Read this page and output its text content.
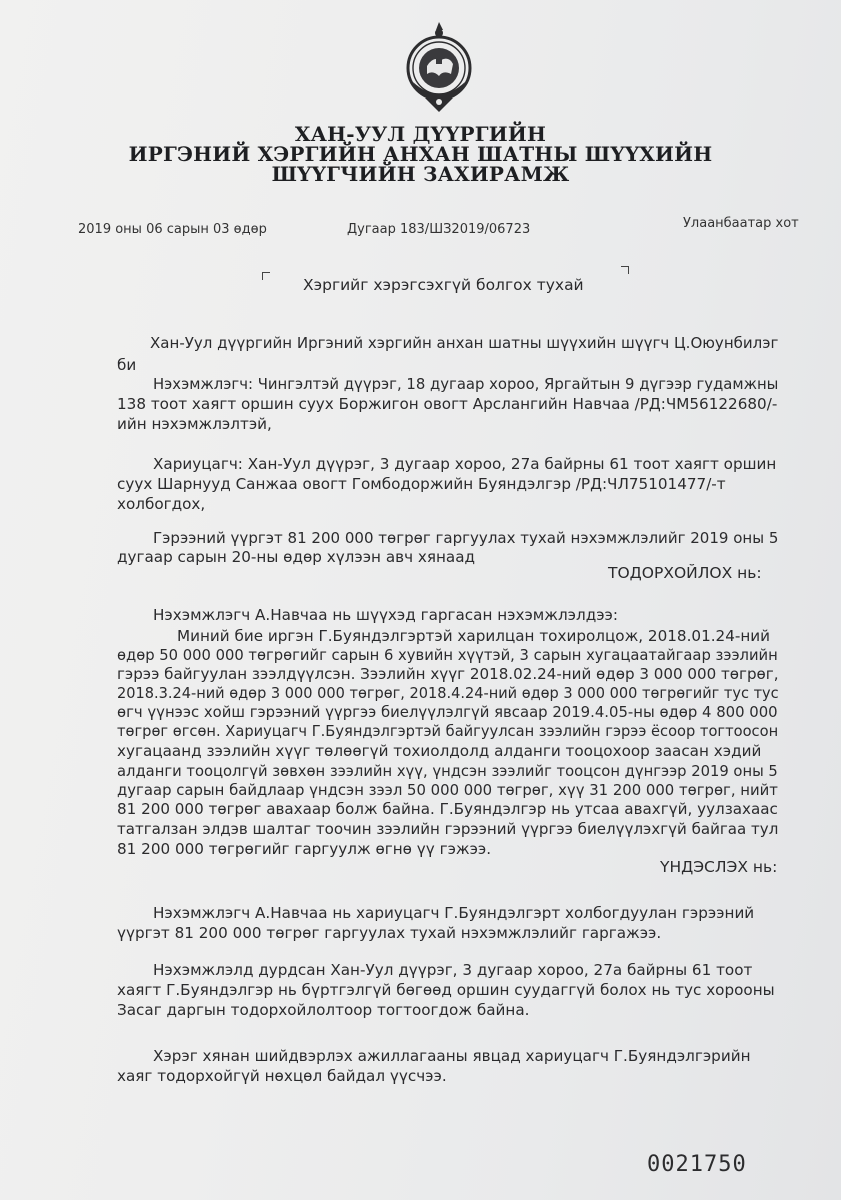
ХАН-УУЛ ДҮҮРГИЙН
ИРГЭНИЙ ХЭРГИЙН АНХАН ШАТНЫ ШҮҮХИЙН
ШҮҮГЧИЙН ЗАХИРАМЖ
2019 оны 06 сарын 03 өдөр	Дугаар 183/ШЗ2019/06723	Улаанбаатар хот
Хэргийг хэрэгсэхгүй болгох тухай
Хан-Уул дүүргийн Иргэний хэргийн анхан шатны шүүхийн шүүгч Ц.Оюунбилэг
би
Нэхэмжлэгч: Чингэлтэй дүүрэг, 18 дугаар хороо, Яргайтын 9 дүгээр гудамжны
138 тоот хаягт оршин суух Боржигон овогт Арслангийн Навчаа /РД:ЧМ56122680/-
ийн нэхэмжлэлтэй,
Хариуцагч: Хан-Уул дүүрэг, 3 дугаар хороо, 27а байрны 61 тоот хаягт оршин
суух Шарнууд Санжаа овогт Гомбодоржийн Буяндэлгэр /РД:ЧЛ75101477/-т
холбогдох,
Гэрээний үүргэт 81 200 000 төгрөг гаргуулах тухай нэхэмжлэлийг 2019 оны 5
дугаар сарын 20-ны өдөр хүлээн авч хянаад
Нэхэмжлэгч А.Навчаа нь шүүхэд гаргасан нэхэмжлэлдээ:
Миний бие иргэн Г.Буяндэлгэртэй харилцан тохиролцож, 2018.01.24-ний
өдөр 50 000 000 төгрөгийг сарын 6 хувийн хүүтэй, 3 сарын хугацаатайгаар зээлийн
гэрээ байгуулан зээлдүүлсэн. Зээлийн хүүг 2018.02.24-ний өдөр 3 000 000 төгрөг,
2018.3.24-ний өдөр 3 000 000 төгрөг, 2018.4.24-ний өдөр 3 000 000 төгрөгийг тус тус
өгч үүнээс хойш гэрээний үүргээ биелүүлэлгүй явсаар 2019.4.05-ны өдөр 4 800 000
төгрөг өгсөн. Хариуцагч Г.Буяндэлгэртэй байгуулсан зээлийн гэрээ ёсоор тогтоосон
хугацаанд зээлийн хүүг төлөөгүй тохиолдолд алданги тооцохоор заасан хэдий
алданги тооцолгүй зөвхөн зээлийн хүү, үндсэн зээлийг тооцсон дүнгээр 2019 оны 5
дугаар сарын байдлаар үндсэн зээл 50 000 000 төгрөг, хүү 31 200 000 төгрөг, нийт
81 200 000 төгрөг авахаар болж байна. Г.Буяндэлгэр нь утсаа авахгүй, уулзахаас
татгалзан элдэв шалтаг тоочин зээлийн гэрээний үүргээ биелүүлэхгүй байгаа тул
81 200 000 төгрөгийг гаргуулж өгнө үү гэжээ.
Нэхэмжлэгч А.Навчаа нь хариуцагч Г.Буяндэлгэрт холбогдуулан гэрээний
үүргэт 81 200 000 төгрөг гаргуулах тухай нэхэмжлэлийг гаргажээ.
Нэхэмжлэлд дурдсан Хан-Уул дүүрэг, 3 дугаар хороо, 27а байрны 61 тоот
хаягт Г.Буяндэлгэр нь бүртгэлгүй бөгөөд оршин суудаггүй болох нь тус хорооны
Засаг даргын тодорхойлолтоор тогтоогдож байна.
Хэрэг хянан шийдвэрлэх ажиллагааны явцад хариуцагч Г.Буяндэлгэрийн
хаяг тодорхойгүй нөхцөл байдал үүсчээ.
ТОДОРХОЙЛОХ нь:
ҮНДЭСЛЭХ нь:
0021750
